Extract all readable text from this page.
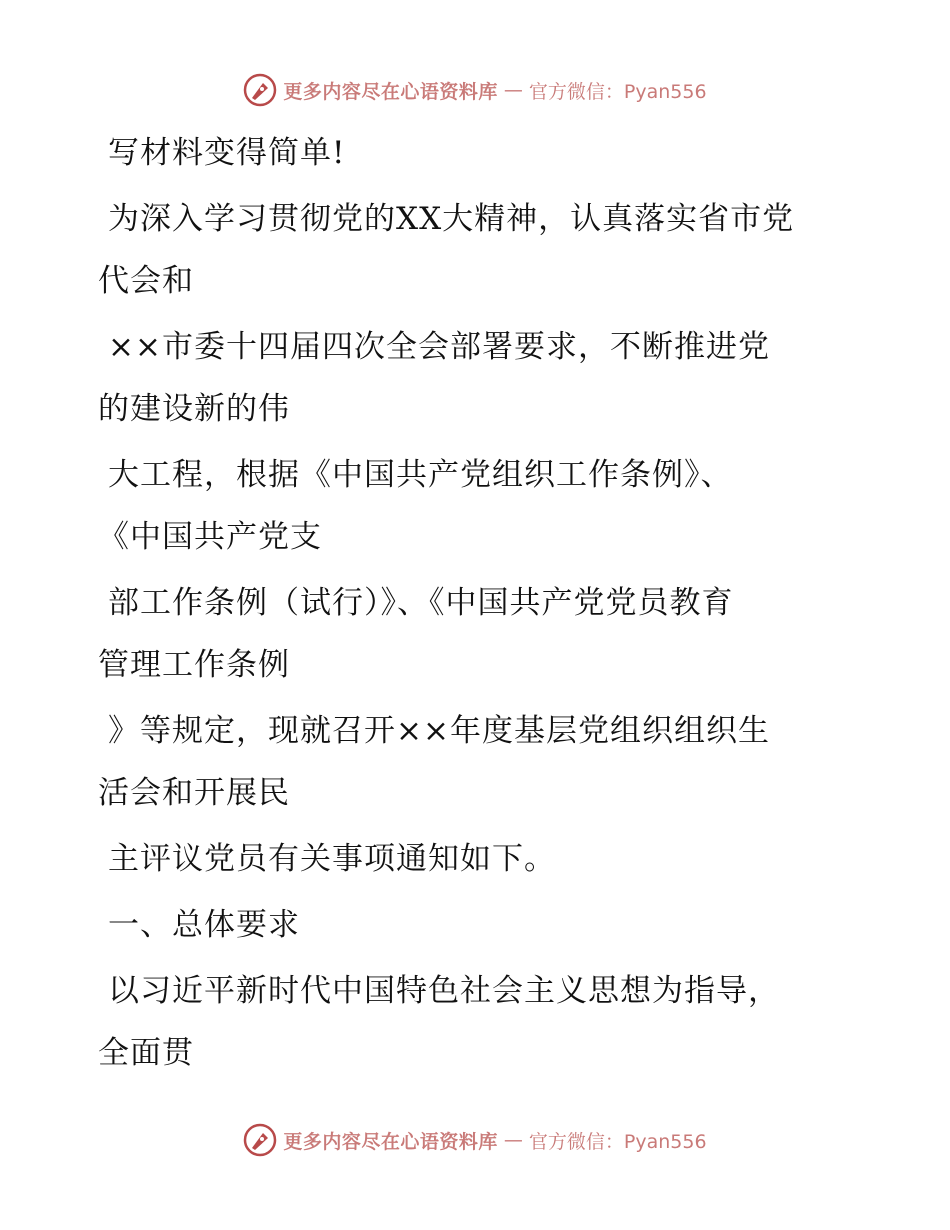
更多内容尽在心语资料库 — 官方微信：Pyan556
写材料变得简单!
为深入学习贯彻党的XX大精神，认真落实省市党
代会和
××市委十四届四次全会部署要求，不断推进党
的建设新的伟
大工程，根据《中国共产党组织工作条例》、
《中国共产党支
部工作条例（试行）》、《中国共产党党员教育
管理工作条例
》等规定，现就召开××年度基层党组织组织生
活会和开展民
主评议党员有关事项通知如下。
一、总体要求
以习近平新时代中国特色社会主义思想为指导，
全面贯
更多内容尽在心语资料库 — 官方微信：Pyan556
